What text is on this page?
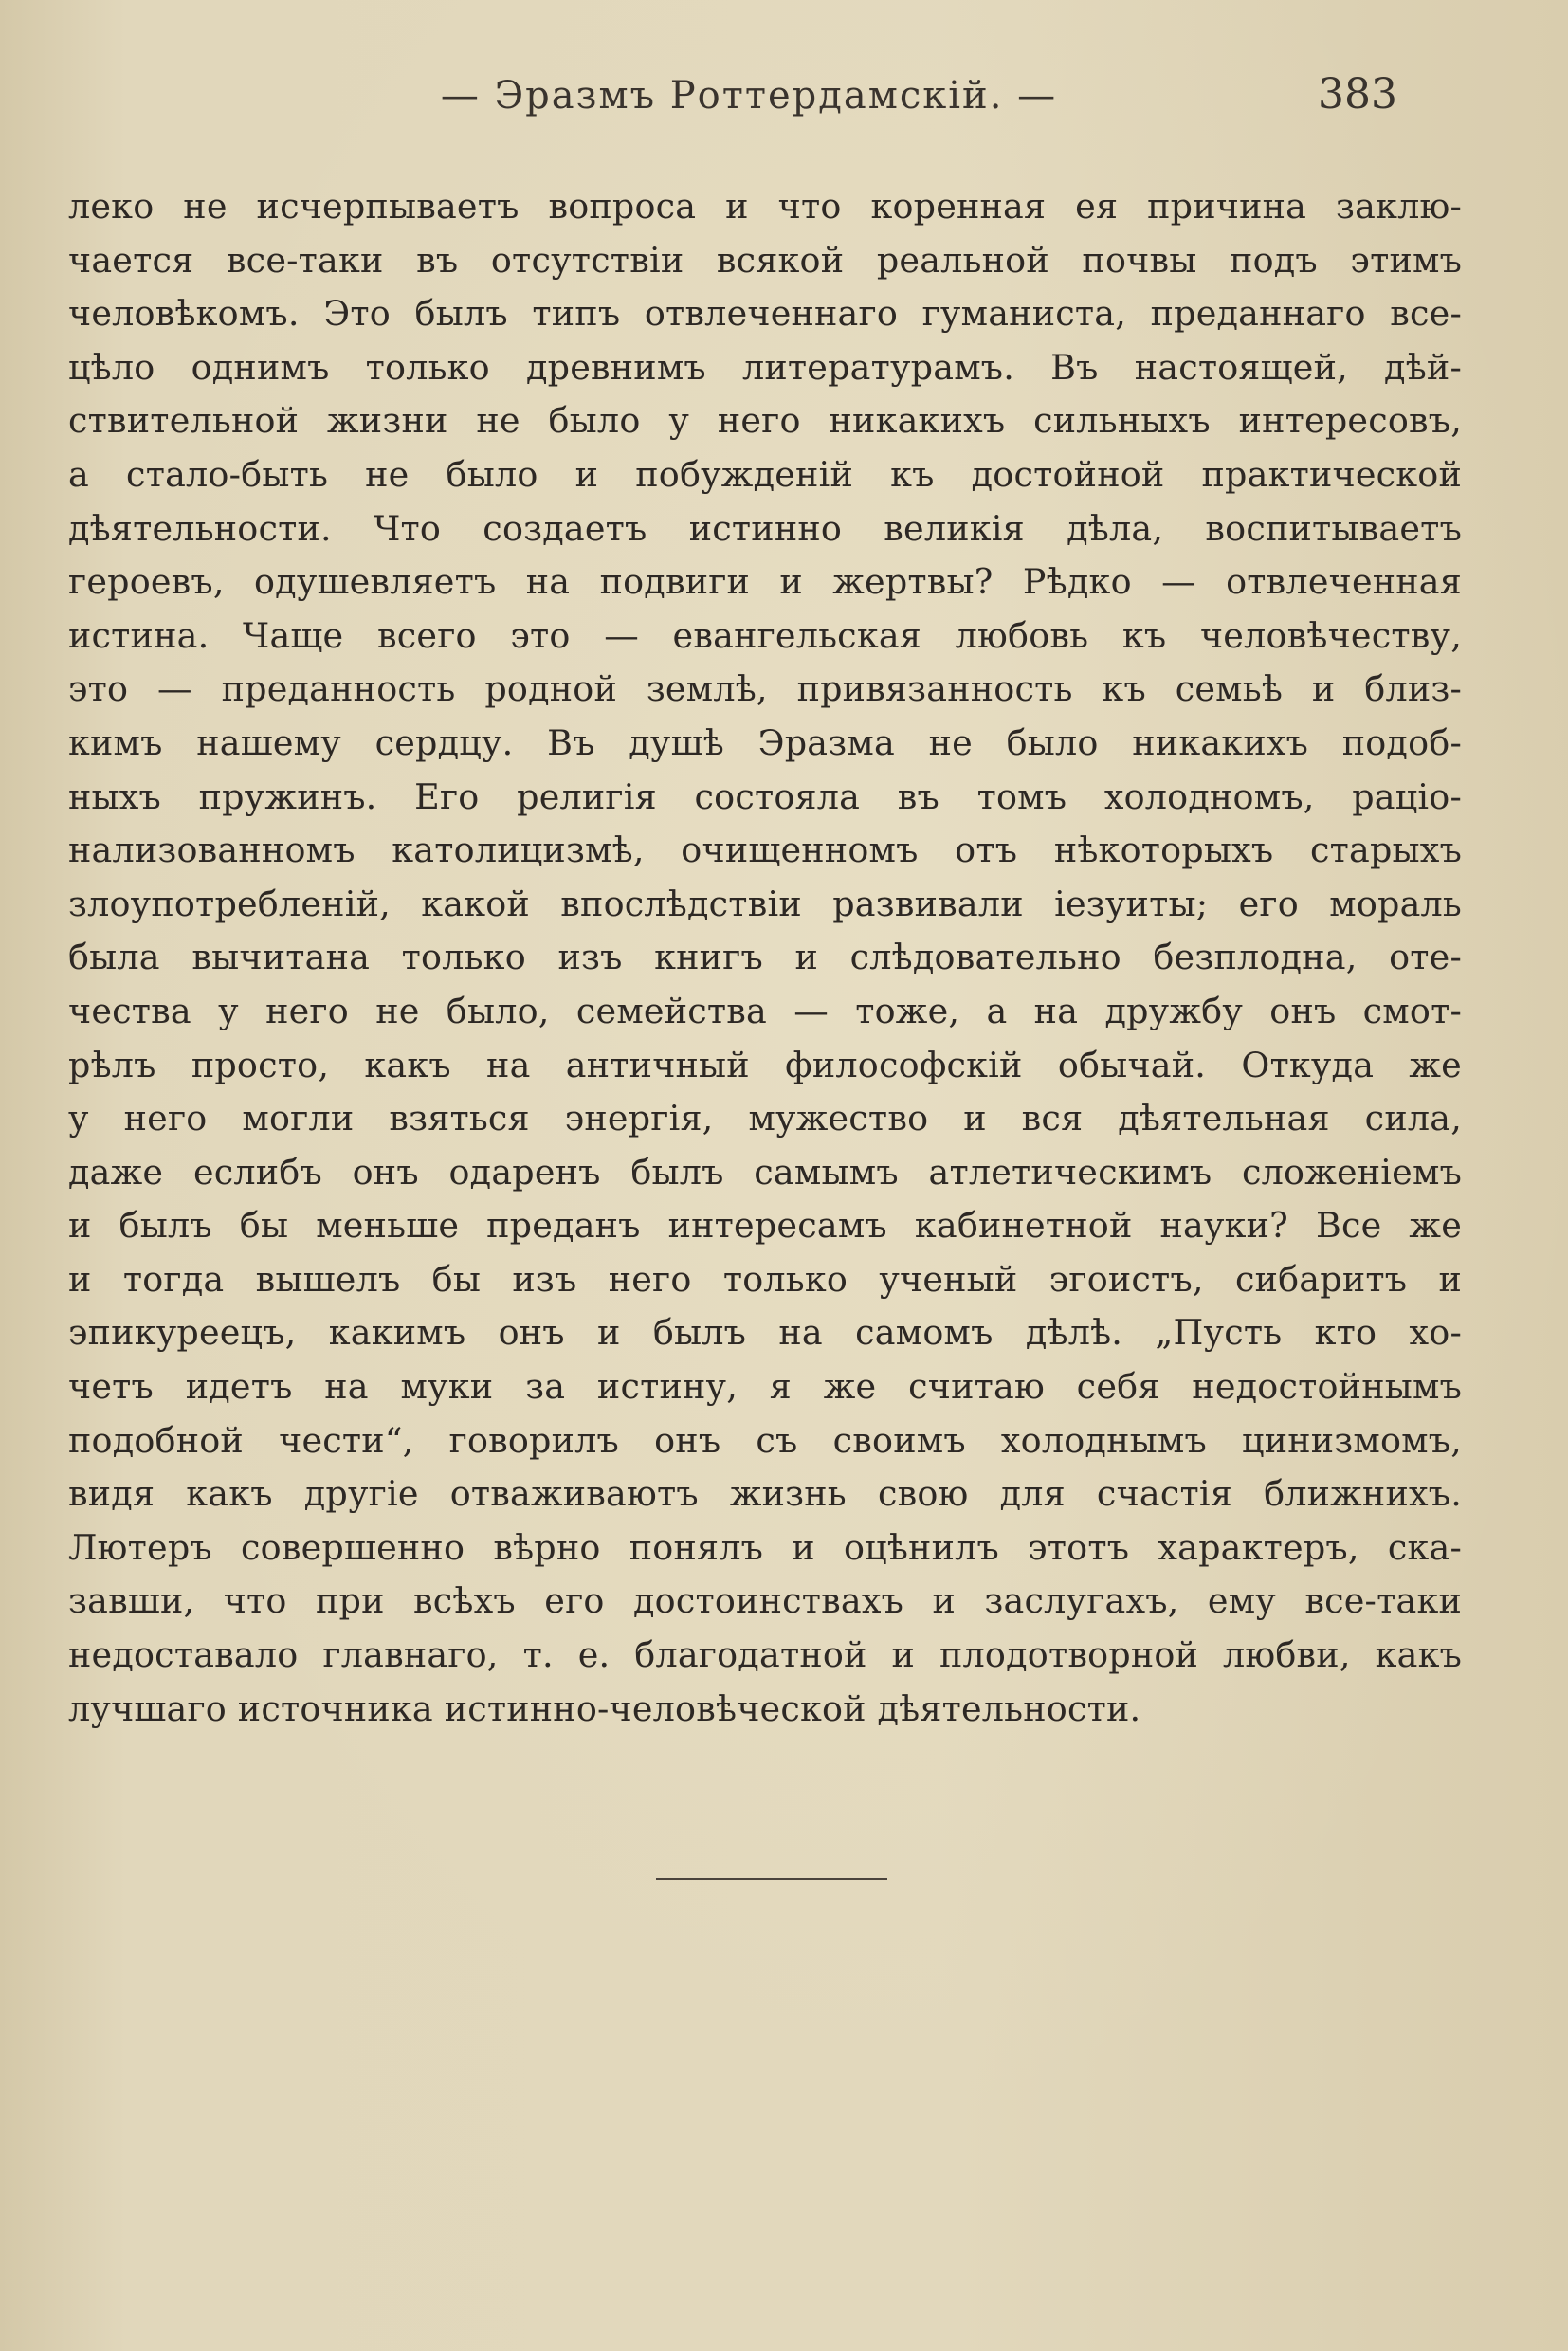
— Эразмъ Роттердамскій. —	383
леко не исчерпываетъ вопроса и что коренная ея причина заклю-
чается все-таки въ отсутствіи всякой реальной почвы подъ этимъ
человѣкомъ. Это былъ типъ отвлеченнаго гуманиста, преданнаго все-
цѣло однимъ только древнимъ литературамъ. Въ настоящей, дѣй-
ствительной жизни не было у него никакихъ сильныхъ интересовъ,
а стало-быть не было и побужденій къ достойной практической
дѣятельности. Что создаетъ истинно великія дѣла, воспитываетъ
героевъ, одушевляетъ на подвиги и жертвы? Рѣдко — отвлеченная
истина. Чаще всего это — евангельская любовь къ человѣчеству,
это — преданность родной землѣ, привязанность къ семьѣ и близ-
кимъ нашему сердцу. Въ душѣ Эразма не было никакихъ подоб-
ныхъ пружинъ. Его религія состояла въ томъ холодномъ, раціо-
нализованномъ католицизмѣ, очищенномъ отъ нѣкоторыхъ старыхъ
злоупотребленій, какой впослѣдствіи развивали іезуиты; его мораль
была вычитана только изъ книгъ и слѣдовательно безплодна, оте-
чества у него не было, семейства — тоже, а на дружбу онъ смот-
рѣлъ просто, какъ на античный философскій обычай. Откуда же
у него могли взяться энергія, мужество и вся дѣятельная сила,
даже еслибъ онъ одаренъ былъ самымъ атлетическимъ сложеніемъ
и былъ бы меньше преданъ интересамъ кабинетной науки? Все же
и тогда вышелъ бы изъ него только ученый эгоистъ, сибаритъ и
эпикуреецъ, какимъ онъ и былъ на самомъ дѣлѣ. „Пусть кто хо-
четъ идетъ на муки за истину, я же считаю себя недостойнымъ
подобной чести“, говорилъ онъ съ своимъ холоднымъ цинизмомъ,
видя какъ другіе отваживаютъ жизнь свою для счастія ближнихъ.
Лютеръ совершенно вѣрно понялъ и оцѣнилъ этотъ характеръ, ска-
завши, что при всѣхъ его достоинствахъ и заслугахъ, ему все-таки
недоставало главнаго, т. е. благодатной и плодотворной любви, какъ
лучшаго источника истинно-человѣческой дѣятельности.
